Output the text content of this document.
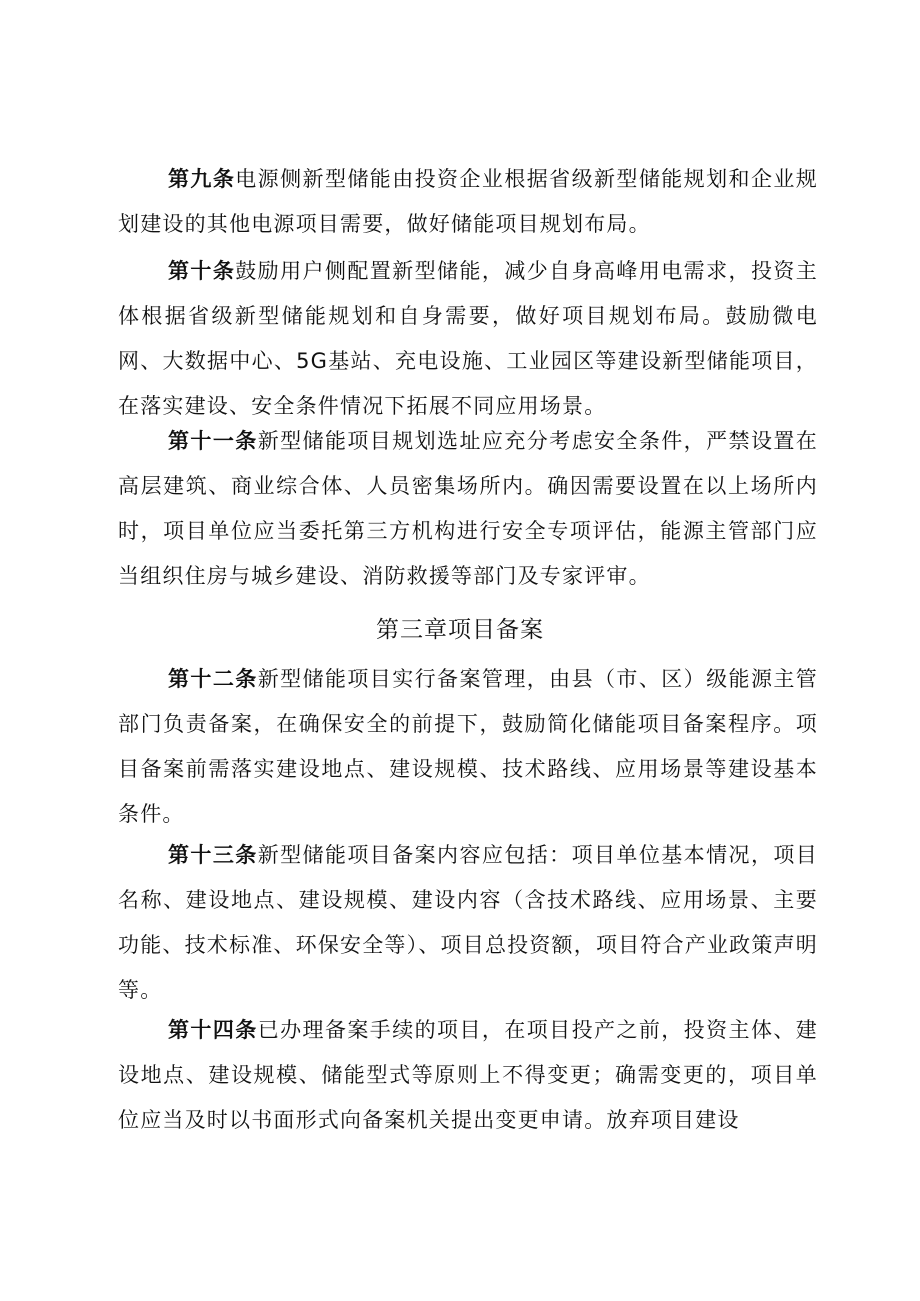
第九条电源侧新型储能由投资企业根据省级新型储能规划和企业规划建设的其他电源项目需要，做好储能项目规划布局。

第十条鼓励用户侧配置新型储能，减少自身高峰用电需求，投资主体根据省级新型储能规划和自身需要，做好项目规划布局。鼓励微电网、大数据中心、5G基站、充电设施、工业园区等建设新型储能项目，在落实建设、安全条件情况下拓展不同应用场景。

第十一条新型储能项目规划选址应充分考虑安全条件，严禁设置在高层建筑、商业综合体、人员密集场所内。确因需要设置在以上场所内时，项目单位应当委托第三方机构进行安全专项评估，能源主管部门应当组织住房与城乡建设、消防救援等部门及专家评审。

第三章项目备案

第十二条新型储能项目实行备案管理，由县（市、区）级能源主管部门负责备案，在确保安全的前提下，鼓励简化储能项目备案程序。项目备案前需落实建设地点、建设规模、技术路线、应用场景等建设基本条件。

第十三条新型储能项目备案内容应包括：项目单位基本情况，项目名称、建设地点、建设规模、建设内容（含技术路线、应用场景、主要功能、技术标准、环保安全等）、项目总投资额，项目符合产业政策声明等。

第十四条已办理备案手续的项目，在项目投产之前，投资主体、建设地点、建设规模、储能型式等原则上不得变更；确需变更的，项目单位应当及时以书面形式向备案机关提出变更申请。放弃项目建设
